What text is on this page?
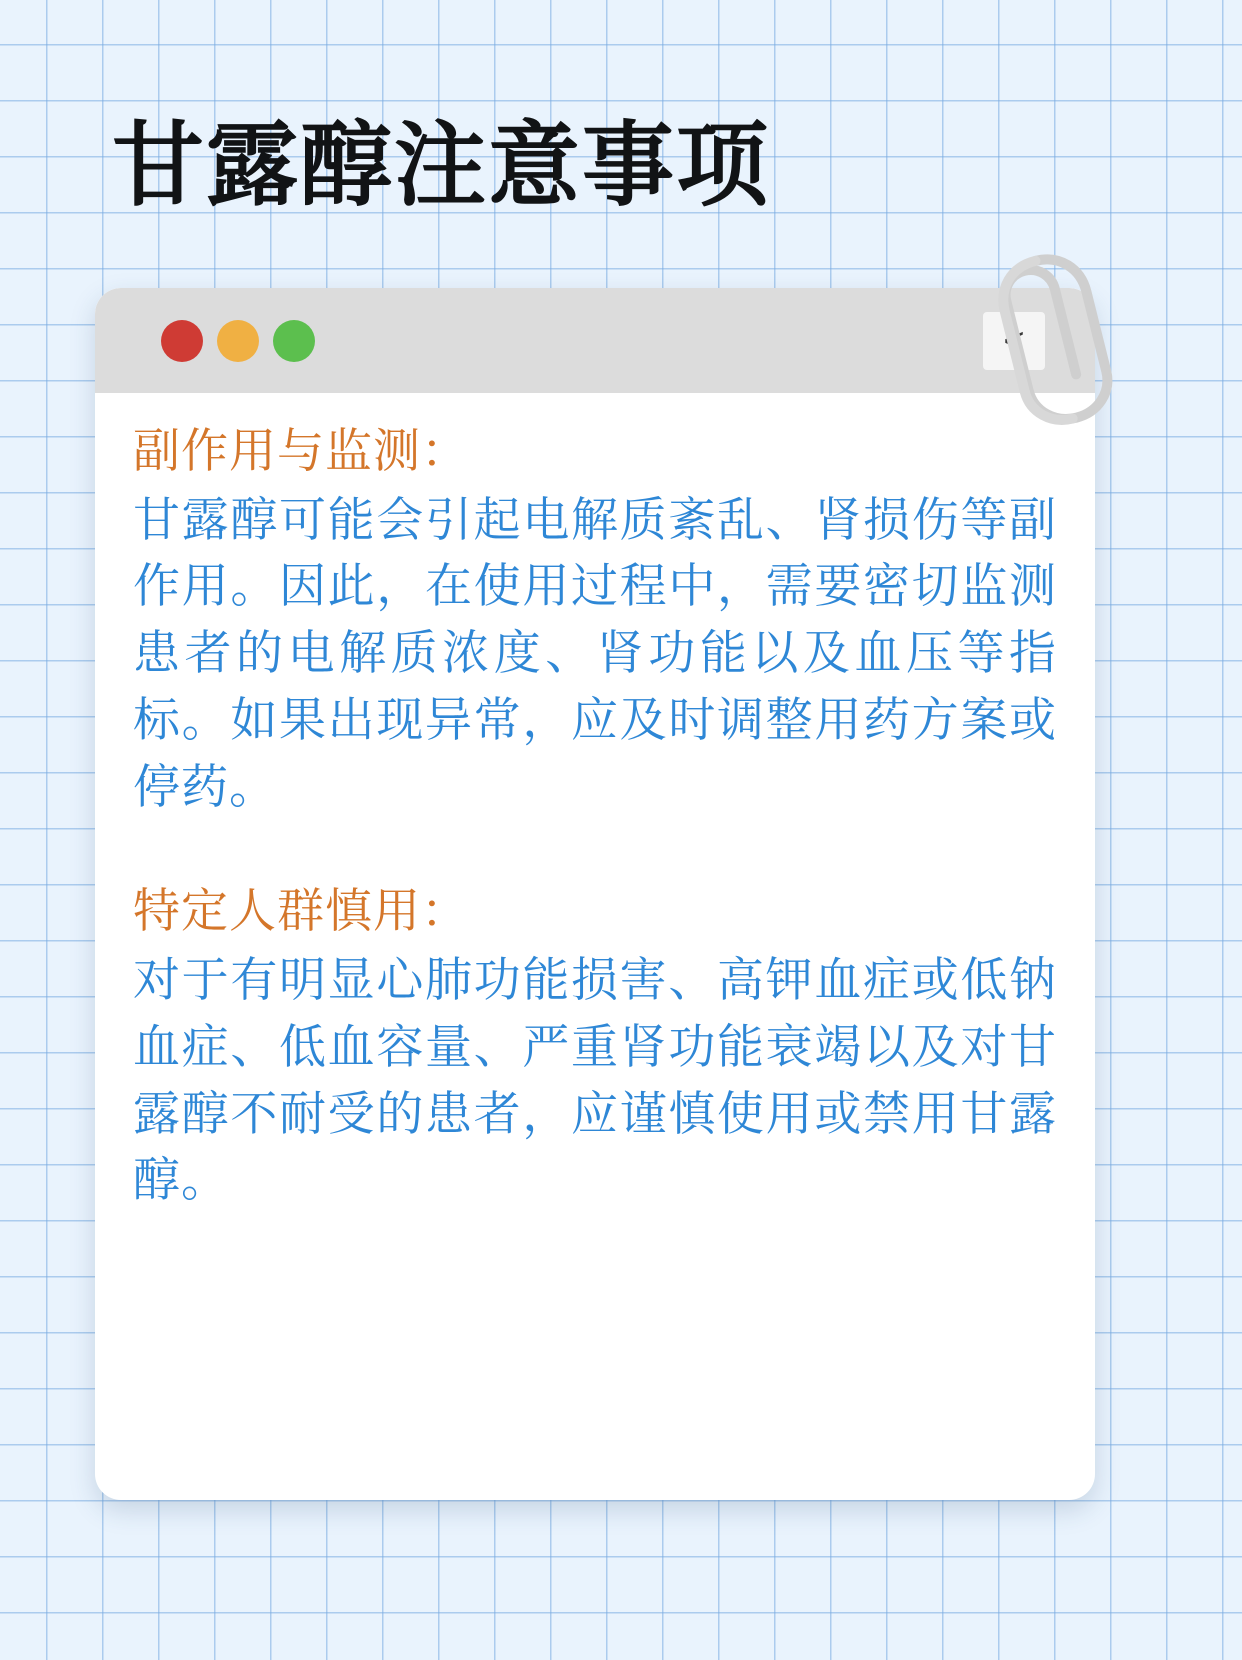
甘露醇注意事项
<

副作用与监测：

甘露醇可能会引起电解质紊乱、肾损伤等副作用。因此，在使用过程中，需要密切监测患者的电解质浓度、肾功能以及血压等指标。如果出现异常，应及时调整用药方案或停药。

特定人群慎用：

对于有明显心肺功能损害、高钾血症或低钠血症、低血容量、严重肾功能衰竭以及对甘露醇不耐受的患者，应谨慎使用或禁用甘露醇。
